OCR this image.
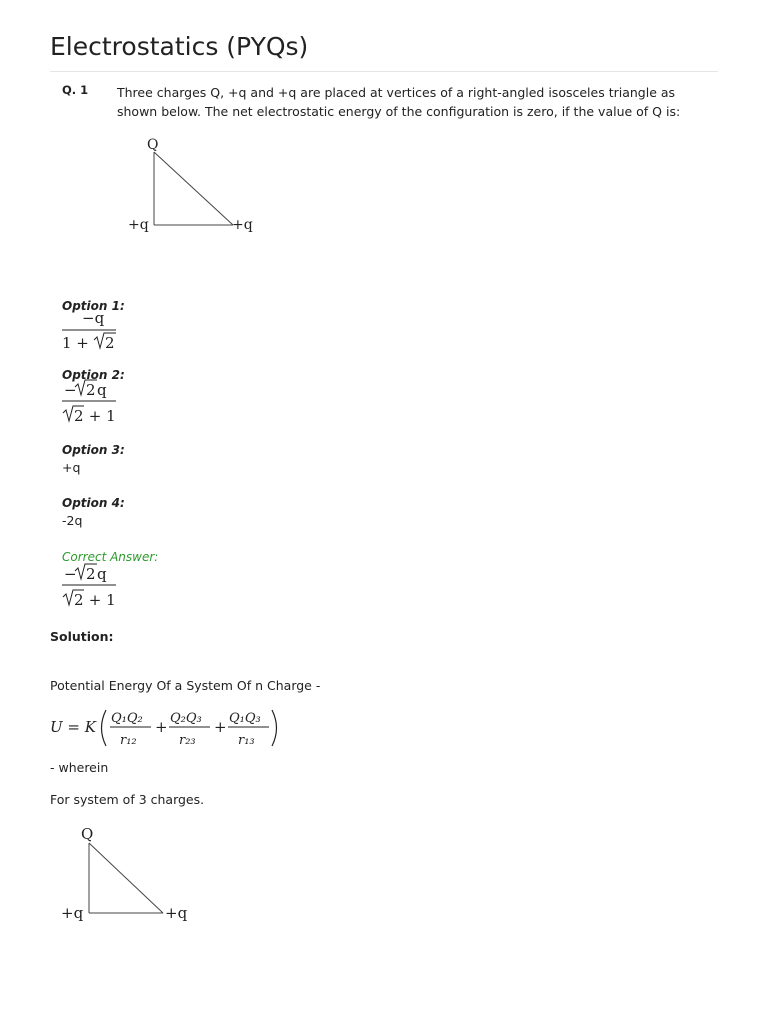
Electrostatics (PYQs)
Q. 1 Three charges Q, +q and +q are placed at vertices of a right-angled isosceles triangle as shown below. The net electrostatic energy of the configuration is zero, if the value of Q is:
Q
+q	+q
Option 1:
−q
1 + 2
Option 2:
− 2 q
2 + 1
Option 3:
+q
Option 4:
-2q
Correct Answer:
− 2 q
2 + 1
Solution:
Potential Energy Of a System Of n Charge -
U = K Q₁Q₂
r₁₂
+ Q₂Q₃
r₂₃
+ Q₁Q₃
r₁₃
- wherein
For system of 3 charges.
Q
+q	+q
